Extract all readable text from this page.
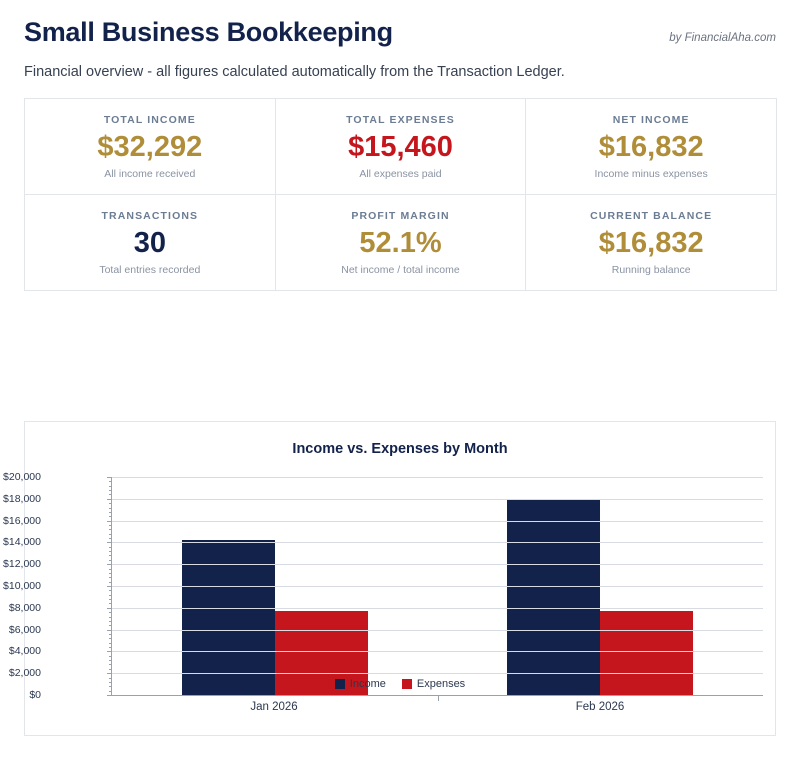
Small Business Bookkeeping	by FinancialAha.com
Financial overview - all figures calculated automatically from the Transaction Ledger.
TOTAL INCOME
$32,292
All income received
TOTAL EXPENSES
$15,460
All expenses paid
NET INCOME
$16,832
Income minus expenses
TRANSACTIONS
30
Total entries recorded
PROFIT MARGIN
52.1%
Net income / total income
CURRENT BALANCE
$16,832
Running balance
Income vs. Expenses by Month
$0
$2,000
$4,000
$6,000
$8,000
$10,000
$12,000
$14,000
$16,000
$18,000
$20,000
Jan 2026	Feb 2026
Income	Expenses
